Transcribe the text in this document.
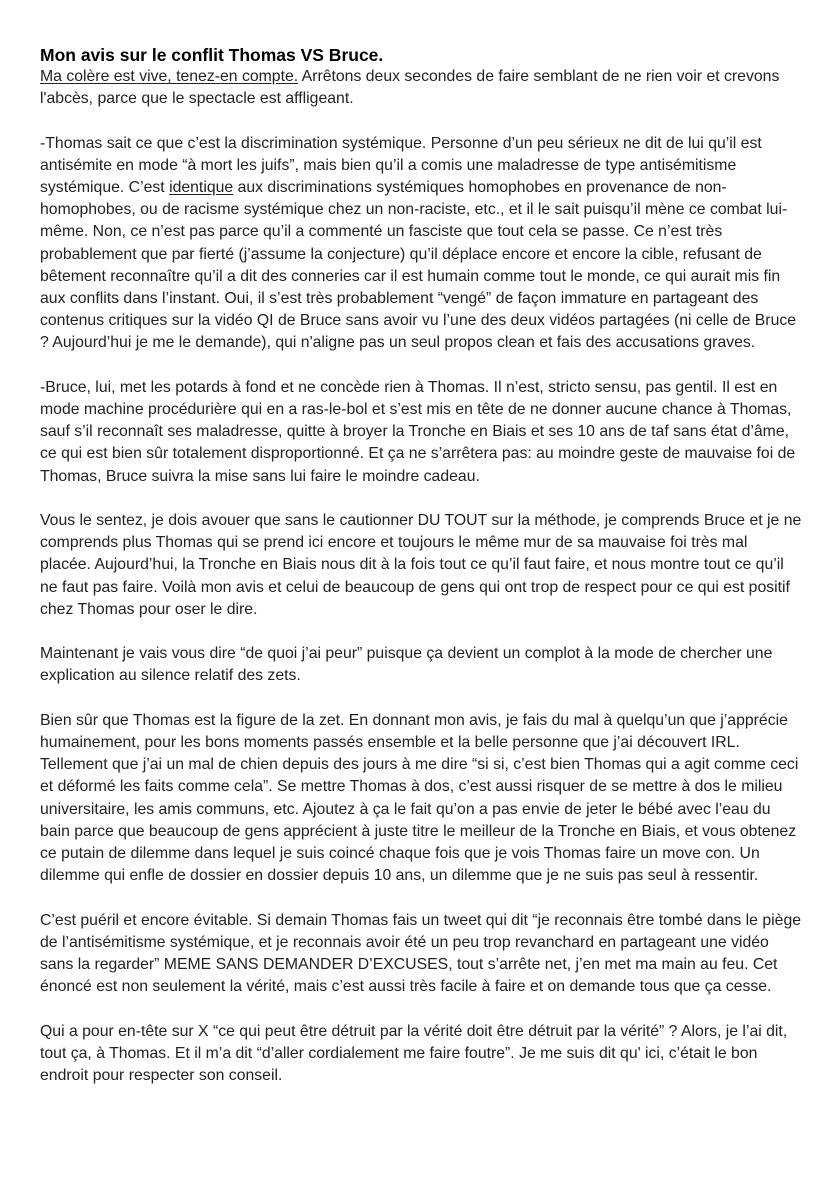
Mon avis sur le conflit Thomas VS Bruce.

Ma colère est vive, tenez-en compte. Arrêtons deux secondes de faire semblant de ne rien voir et crevons l'abcès, parce que le spectacle est affligeant.

-Thomas sait ce que c’est la discrimination systémique. Personne d’un peu sérieux ne dit de lui qu’il est antisémite en mode “à mort les juifs”, mais bien qu’il a comis une maladresse de type antisémitisme systémique. C’est identique aux discriminations systémiques homophobes en provenance de non-homophobes, ou de racisme systémique chez un non-raciste, etc., et il le sait puisqu’il mène ce combat lui-même. Non, ce n’est pas parce qu’il a commenté un fasciste que tout cela se passe. Ce n’est très probablement que par fierté (j’assume la conjecture) qu’il déplace encore et encore la cible, refusant de bêtement reconnaître qu’il a dit des conneries car il est humain comme tout le monde, ce qui aurait mis fin aux conflits dans l’instant. Oui, il s’est très probablement “vengé” de façon immature en partageant des contenus critiques sur la vidéo QI de Bruce sans avoir vu l’une des deux vidéos partagées (ni celle de Bruce ? Aujourd’hui je me le demande), qui n'aligne pas un seul propos clean et fais des accusations graves.

-Bruce, lui, met les potards à fond et ne concède rien à Thomas. Il n’est, stricto sensu, pas gentil. Il est en mode machine procédurière qui en a ras-le-bol et s’est mis en tête de ne donner aucune chance à Thomas, sauf s’il reconnaît ses maladresse, quitte à broyer la Tronche en Biais et ses 10 ans de taf sans état d’âme, ce qui est bien sûr totalement disproportionné. Et ça ne s’arrêtera pas: au moindre geste de mauvaise foi de Thomas, Bruce suivra la mise sans lui faire le moindre cadeau.

Vous le sentez, je dois avouer que sans le cautionner DU TOUT sur la méthode, je comprends Bruce et je ne comprends plus Thomas qui se prend ici encore et toujours le même mur de sa mauvaise foi très mal placée. Aujourd’hui, la Tronche en Biais nous dit à la fois tout ce qu’il faut faire, et nous montre tout ce qu’il ne faut pas faire. Voilà mon avis et celui de beaucoup de gens qui ont trop de respect pour ce qui est positif chez Thomas pour oser le dire.

Maintenant je vais vous dire “de quoi j’ai peur” puisque ça devient un complot à la mode de chercher une explication au silence relatif des zets.

Bien sûr que Thomas est la figure de la zet. En donnant mon avis, je fais du mal à quelqu’un que j’apprécie humainement, pour les bons moments passés ensemble et la belle personne que j’ai découvert IRL. Tellement que j’ai un mal de chien depuis des jours à me dire “si si, c’est bien Thomas qui a agit comme ceci et déformé les faits comme cela”. Se mettre Thomas à dos, c’est aussi risquer de se mettre à dos le milieu universitaire, les amis communs, etc. Ajoutez à ça le fait qu’on a pas envie de jeter le bébé avec l’eau du bain parce que beaucoup de gens apprécient à juste titre le meilleur de la Tronche en Biais, et vous obtenez ce putain de dilemme dans lequel je suis coincé chaque fois que je vois Thomas faire un move con. Un dilemme qui enfle de dossier en dossier depuis 10 ans, un dilemme que je ne suis pas seul à ressentir.

C’est puéril et encore évitable. Si demain Thomas fais un tweet qui dit “je reconnais être tombé dans le piège de l’antisémitisme systémique, et je reconnais avoir été un peu trop revanchard en partageant une vidéo sans la regarder” MEME SANS DEMANDER D’EXCUSES, tout s’arrête net, j’en met ma main au feu. Cet énoncé est non seulement la vérité, mais c’est aussi très facile à faire et on demande tous que ça cesse.

Qui a pour en-tête sur X “ce qui peut être détruit par la vérité doit être détruit par la vérité” ? Alors, je l’ai dit, tout ça, à Thomas. Et il m’a dit “d’aller cordialement me faire foutre”. Je me suis dit qu' ici, c’était le bon endroit pour respecter son conseil.
